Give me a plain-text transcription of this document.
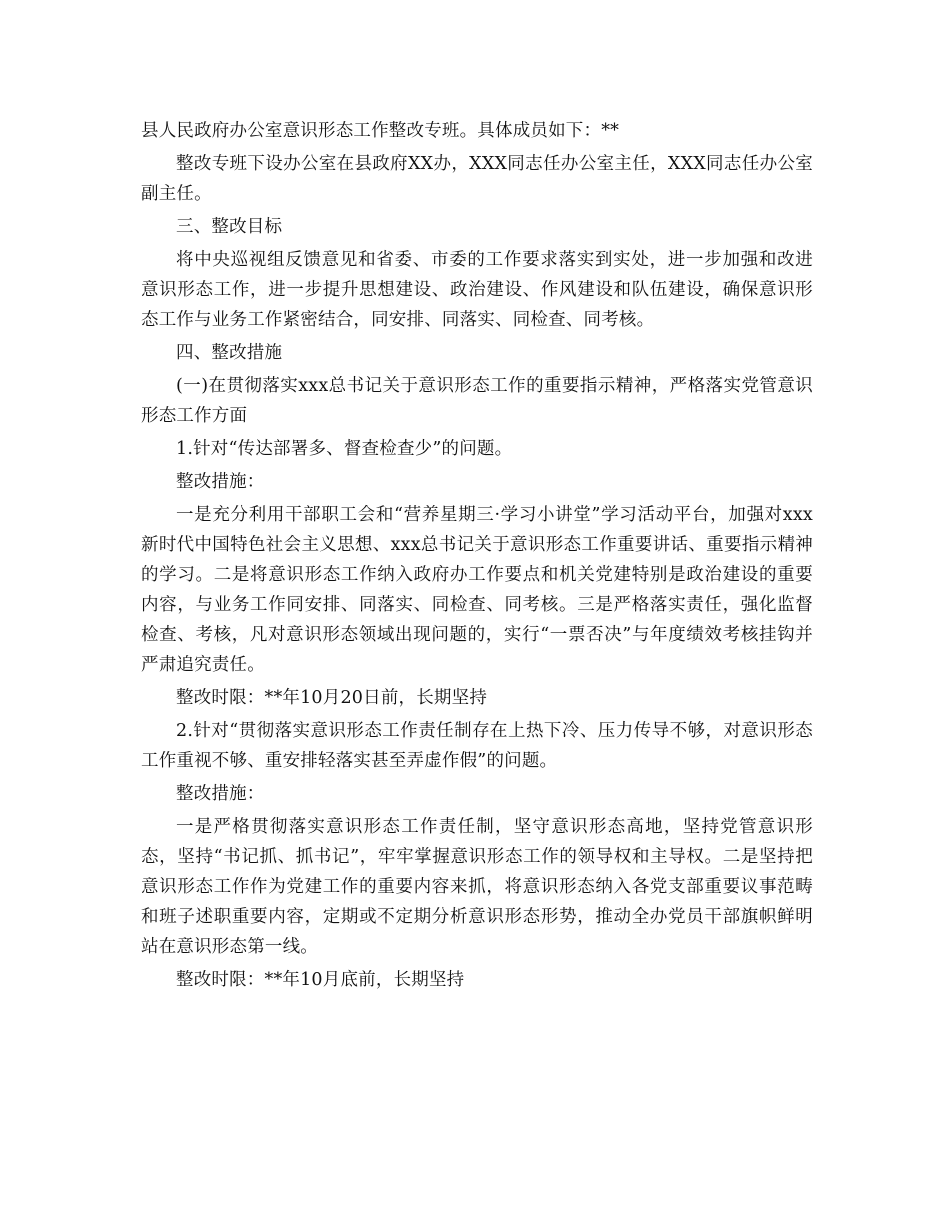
县人民政府办公室意识形态工作整改专班。具体成员如下：**

整改专班下设办公室在县政府XX办，XXX同志任办公室主任，XXX同志任办公室副主任。

三、整改目标

将中央巡视组反馈意见和省委、市委的工作要求落实到实处，进一步加强和改进意识形态工作，进一步提升思想建设、政治建设、作风建设和队伍建设，确保意识形态工作与业务工作紧密结合，同安排、同落实、同检查、同考核。

四、整改措施

(一)在贯彻落实xxx总书记关于意识形态工作的重要指示精神，严格落实党管意识形态工作方面

1.针对“传达部署多、督查检查少”的问题。

整改措施：

一是充分利用干部职工会和“营养星期三·学习小讲堂”学习活动平台，加强对xxx新时代中国特色社会主义思想、xxx总书记关于意识形态工作重要讲话、重要指示精神的学习。二是将意识形态工作纳入政府办工作要点和机关党建特别是政治建设的重要内容，与业务工作同安排、同落实、同检查、同考核。三是严格落实责任，强化监督检查、考核，凡对意识形态领域出现问题的，实行“一票否决”与年度绩效考核挂钩并严肃追究责任。

整改时限：**年10月20日前，长期坚持

2.针对“贯彻落实意识形态工作责任制存在上热下冷、压力传导不够，对意识形态工作重视不够、重安排轻落实甚至弄虚作假”的问题。

整改措施：

一是严格贯彻落实意识形态工作责任制，坚守意识形态高地，坚持党管意识形态，坚持“书记抓、抓书记”，牢牢掌握意识形态工作的领导权和主导权。二是坚持把意识形态工作作为党建工作的重要内容来抓，将意识形态纳入各党支部重要议事范畴和班子述职重要内容，定期或不定期分析意识形态形势，推动全办党员干部旗帜鲜明站在意识形态第一线。

整改时限：**年10月底前，长期坚持
